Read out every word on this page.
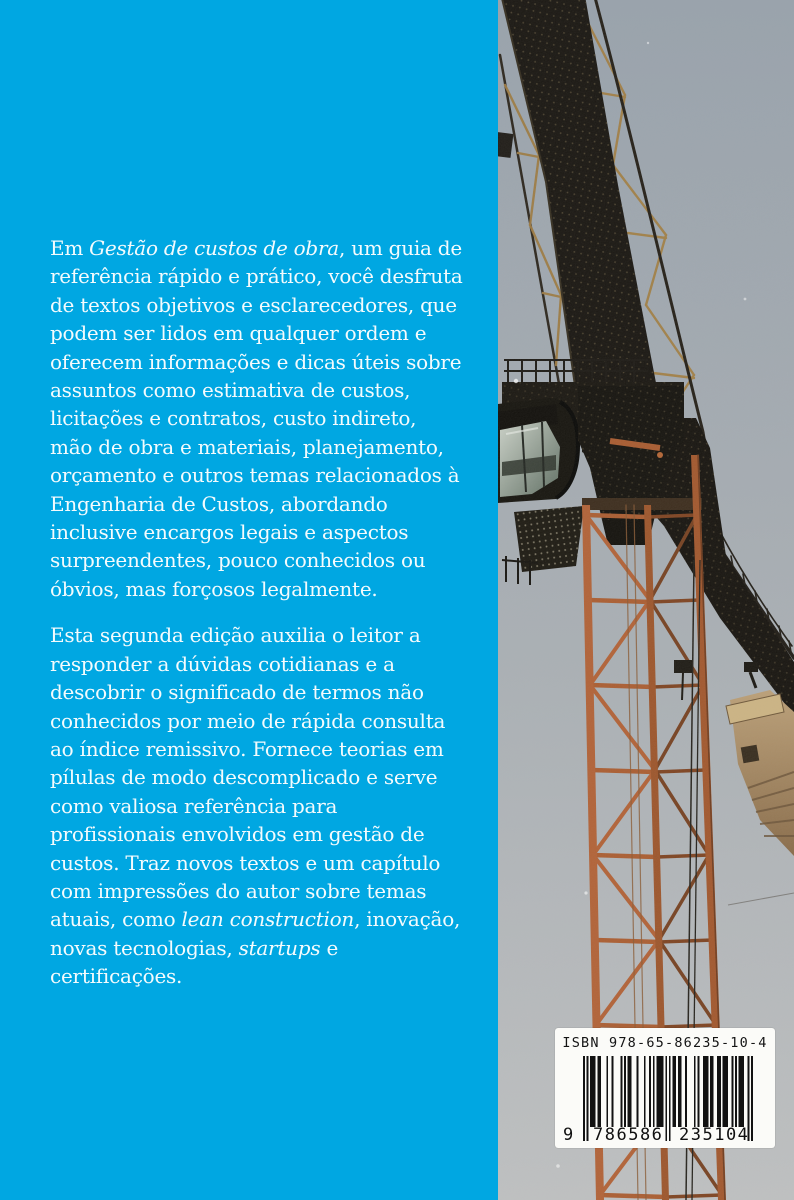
Em Gestão de custos de obra, um guia de
referência rápido e prático, você desfruta
de textos objetivos e esclarecedores, que
podem ser lidos em qualquer ordem e
oferecem informações e dicas úteis sobre
assuntos como estimativa de custos,
licitações e contratos, custo indireto,
mão de obra e materiais, planejamento,
orçamento e outros temas relacionados à
Engenharia de Custos, abordando
inclusive encargos legais e aspectos
surpreendentes, pouco conhecidos ou
óbvios, mas forçosos legalmente.

Esta segunda edição auxilia o leitor a
responder a dúvidas cotidianas e a
descobrir o significado de termos não
conhecidos por meio de rápida consulta
ao índice remissivo. Fornece teorias em
pílulas de modo descomplicado e serve
como valiosa referência para
profissionais envolvidos em gestão de
custos. Traz novos textos e um capítulo
com impressões do autor sobre temas
atuais, como lean construction, inovação,
novas tecnologias, startups e
certificações.

ISBN 978-65-86235-10-4
9 786586 235104
